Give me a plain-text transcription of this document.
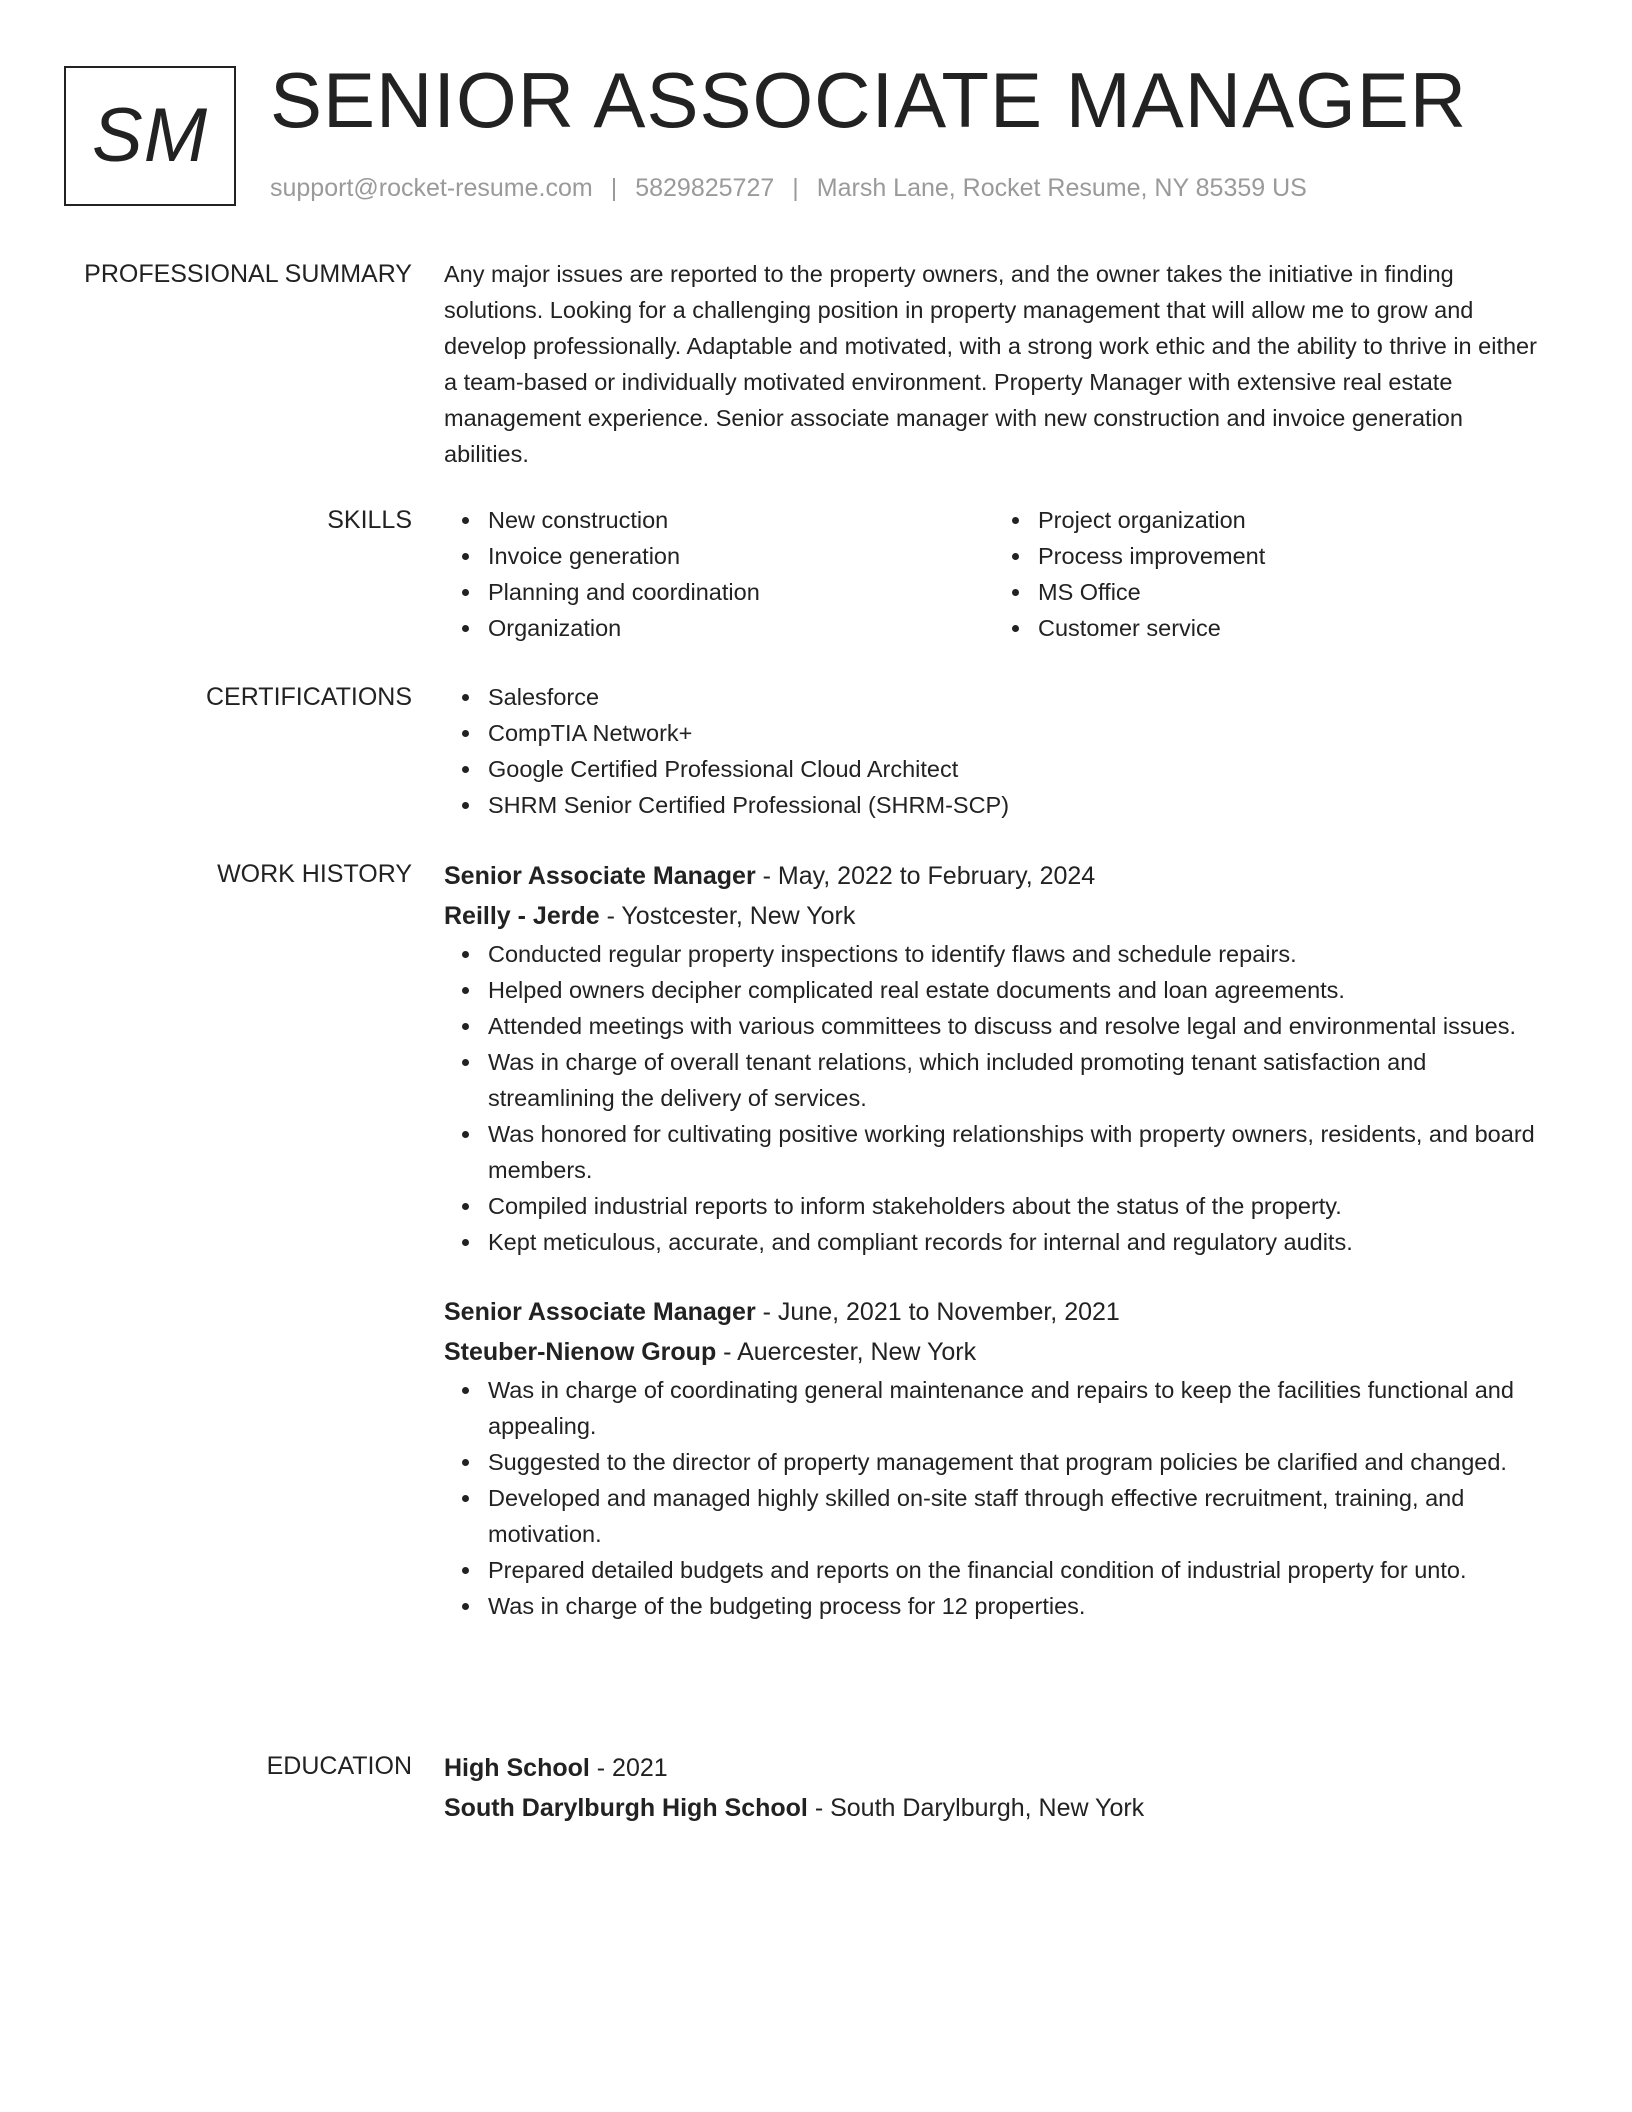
SM SENIOR ASSOCIATE MANAGER
support@rocket-resume.com | 5829825727 | Marsh Lane, Rocket Resume, NY 85359 US
PROFESSIONAL SUMMARY Any major issues are reported to the property owners, and the owner takes the initiative in finding solutions. Looking for a challenging position in property management that will allow me to grow and develop professionally. Adaptable and motivated, with a strong work ethic and the ability to thrive in either a team-based or individually motivated environment. Property Manager with extensive real estate management experience. Senior associate manager with new construction and invoice generation abilities.

SKILLS	New construction
Invoice generation
Planning and coordination
Organization
Project organization
Process improvement
MS Office
Customer service
CERTIFICATIONS	Salesforce
CompTIA Network+
Google Certified Professional Cloud Architect
SHRM Senior Certified Professional (SHRM-SCP)
WORK HISTORY Senior Associate Manager - May, 2022 to February, 2024
Reilly - Jerde - Yostcester, New York
Conducted regular property inspections to identify flaws and schedule repairs.
Helped owners decipher complicated real estate documents and loan agreements.
Attended meetings with various committees to discuss and resolve legal and environmental issues.
Was in charge of overall tenant relations, which included promoting tenant satisfaction and streamlining the delivery of services.
Was honored for cultivating positive working relationships with property owners, residents, and board members.
Compiled industrial reports to inform stakeholders about the status of the property.
Kept meticulous, accurate, and compliant records for internal and regulatory audits.
Senior Associate Manager - June, 2021 to November, 2021
Steuber-Nienow Group - Auercester, New York
Was in charge of coordinating general maintenance and repairs to keep the facilities functional and appealing.
Suggested to the director of property management that program policies be clarified and changed.
Developed and managed highly skilled on-site staff through effective recruitment, training, and motivation.
Prepared detailed budgets and reports on the financial condition of industrial property for unto.
Was in charge of the budgeting process for 12 properties.
EDUCATION High School - 2021
South Darylburgh High School - South Darylburgh, New York
